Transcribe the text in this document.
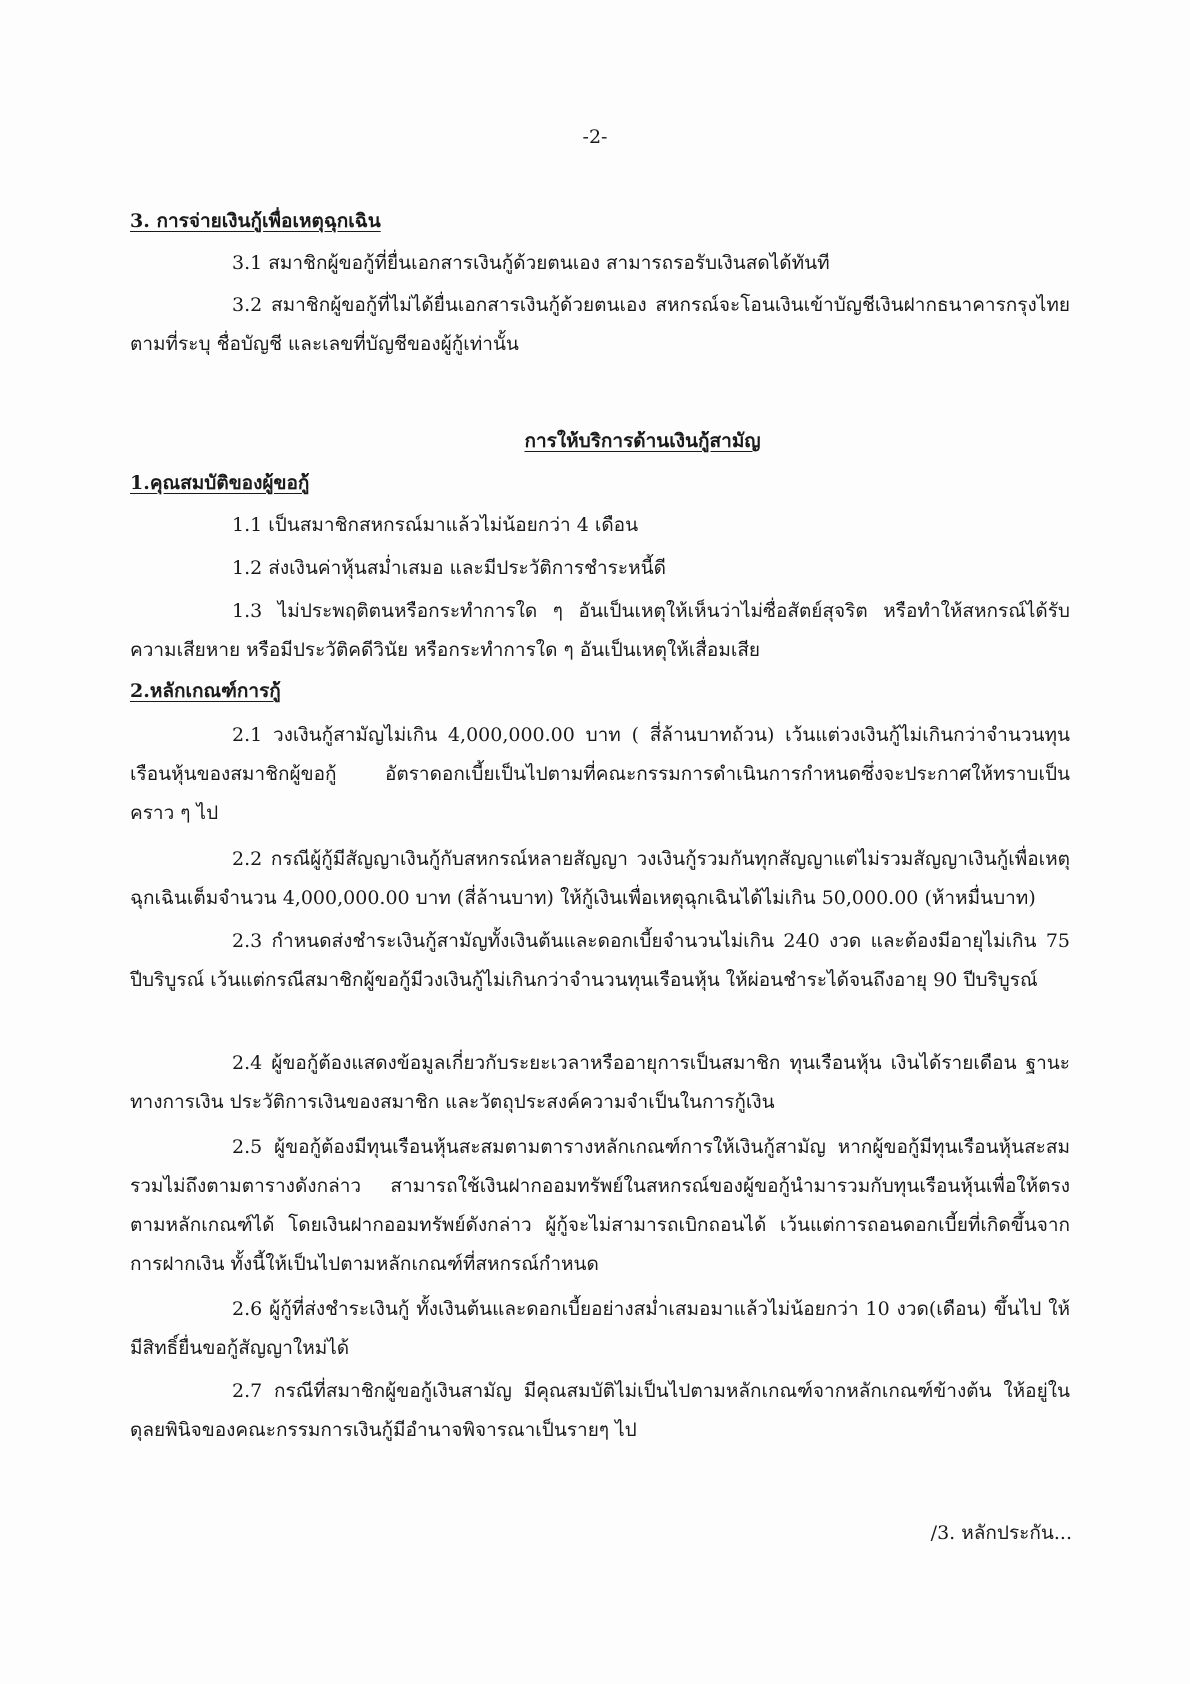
-2-
3. การจ่ายเงินกู้เพื่อเหตุฉุกเฉิน
3.1 สมาชิกผู้ขอกู้ที่ยื่นเอกสารเงินกู้ด้วยตนเอง สามารถรอรับเงินสดได้ทันที
3.2 สมาชิกผู้ขอกู้ที่ไม่ได้ยื่นเอกสารเงินกู้ด้วยตนเอง สหกรณ์จะโอนเงินเข้าบัญชีเงินฝากธนาคารกรุงไทย ตามที่ระบุ ชื่อบัญชี และเลขที่บัญชีของผู้กู้เท่านั้น
การให้บริการด้านเงินกู้สามัญ
1.คุณสมบัติของผู้ขอกู้
1.1 เป็นสมาชิกสหกรณ์มาแล้วไม่น้อยกว่า 4 เดือน
1.2 ส่งเงินค่าหุ้นสม่ำเสมอ และมีประวัติการชำระหนี้ดี
1.3 ไม่ประพฤติตนหรือกระทำการใด ๆ อันเป็นเหตุให้เห็นว่าไม่ซื่อสัตย์สุจริต หรือทำให้สหกรณ์ได้รับความเสียหาย หรือมีประวัติคดีวินัย หรือกระทำการใด ๆ อันเป็นเหตุให้เสื่อมเสีย
2.หลักเกณฑ์การกู้
2.1 วงเงินกู้สามัญไม่เกิน 4,000,000.00 บาท ( สี่ล้านบาทถ้วน) เว้นแต่วงเงินกู้ไม่เกินกว่าจำนวนทุนเรือนหุ้นของสมาชิกผู้ขอกู้ อัตราดอกเบี้ยเป็นไปตามที่คณะกรรมการดำเนินการกำหนดซึ่งจะประกาศให้ทราบเป็นคราว ๆ ไป
2.2 กรณีผู้กู้มีสัญญาเงินกู้กับสหกรณ์หลายสัญญา วงเงินกู้รวมกันทุกสัญญาแต่ไม่รวมสัญญาเงินกู้เพื่อเหตุฉุกเฉินเต็มจำนวน 4,000,000.00 บาท (สี่ล้านบาท) ให้กู้เงินเพื่อเหตุฉุกเฉินได้ไม่เกิน 50,000.00 (ห้าหมื่นบาท)
2.3 กำหนดส่งชำระเงินกู้สามัญทั้งเงินต้นและดอกเบี้ยจำนวนไม่เกิน 240 งวด และต้องมีอายุไม่เกิน 75 ปีบริบูรณ์ เว้นแต่กรณีสมาชิกผู้ขอกู้มีวงเงินกู้ไม่เกินกว่าจำนวนทุนเรือนหุ้น ให้ผ่อนชำระได้จนถึงอายุ 90 ปีบริบูรณ์
2.4 ผู้ขอกู้ต้องแสดงข้อมูลเกี่ยวกับระยะเวลาหรืออายุการเป็นสมาชิก ทุนเรือนหุ้น เงินได้รายเดือน ฐานะทางการเงิน ประวัติการเงินของสมาชิก และวัตถุประสงค์ความจำเป็นในการกู้เงิน
2.5 ผู้ขอกู้ต้องมีทุนเรือนหุ้นสะสมตามตารางหลักเกณฑ์การให้เงินกู้สามัญ หากผู้ขอกู้มีทุนเรือนหุ้นสะสมรวมไม่ถึงตามตารางดังกล่าว สามารถใช้เงินฝากออมทรัพย์ในสหกรณ์ของผู้ขอกู้นำมารวมกับทุนเรือนหุ้นเพื่อให้ตรงตามหลักเกณฑ์ได้ โดยเงินฝากออมทรัพย์ดังกล่าว ผู้กู้จะไม่สามารถเบิกถอนได้ เว้นแต่การถอนดอกเบี้ยที่เกิดขึ้นจากการฝากเงิน ทั้งนี้ให้เป็นไปตามหลักเกณฑ์ที่สหกรณ์กำหนด
2.6 ผู้กู้ที่ส่งชำระเงินกู้ ทั้งเงินต้นและดอกเบี้ยอย่างสม่ำเสมอมาแล้วไม่น้อยกว่า 10 งวด(เดือน) ขึ้นไป ให้มีสิทธิ์ยื่นขอกู้สัญญาใหม่ได้
2.7 กรณีที่สมาชิกผู้ขอกู้เงินสามัญ มีคุณสมบัติไม่เป็นไปตามหลักเกณฑ์จากหลักเกณฑ์ข้างต้น ให้อยู่ในดุลยพินิจของคณะกรรมการเงินกู้มีอำนาจพิจารณาเป็นรายๆ ไป
/3. หลักประกัน...
